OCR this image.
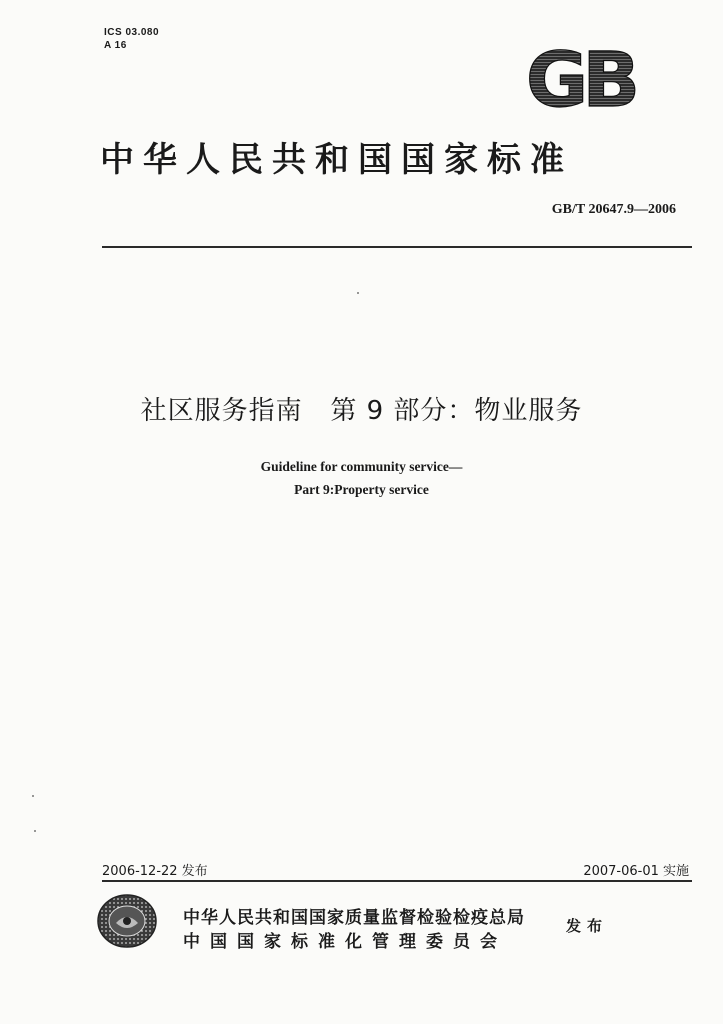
ICS 03.080
A 16	GB
中华人民共和国国家标准
GB/T 20647.9—2006
社区服务指南   第 9 部分：物业服务
Guideline for community service—
Part 9:Property service
2006-12-22 发布	2007-06-01 实施
中华人民共和国国家质量监督检验检疫总局
中国国家标准化管理委员会
发布
